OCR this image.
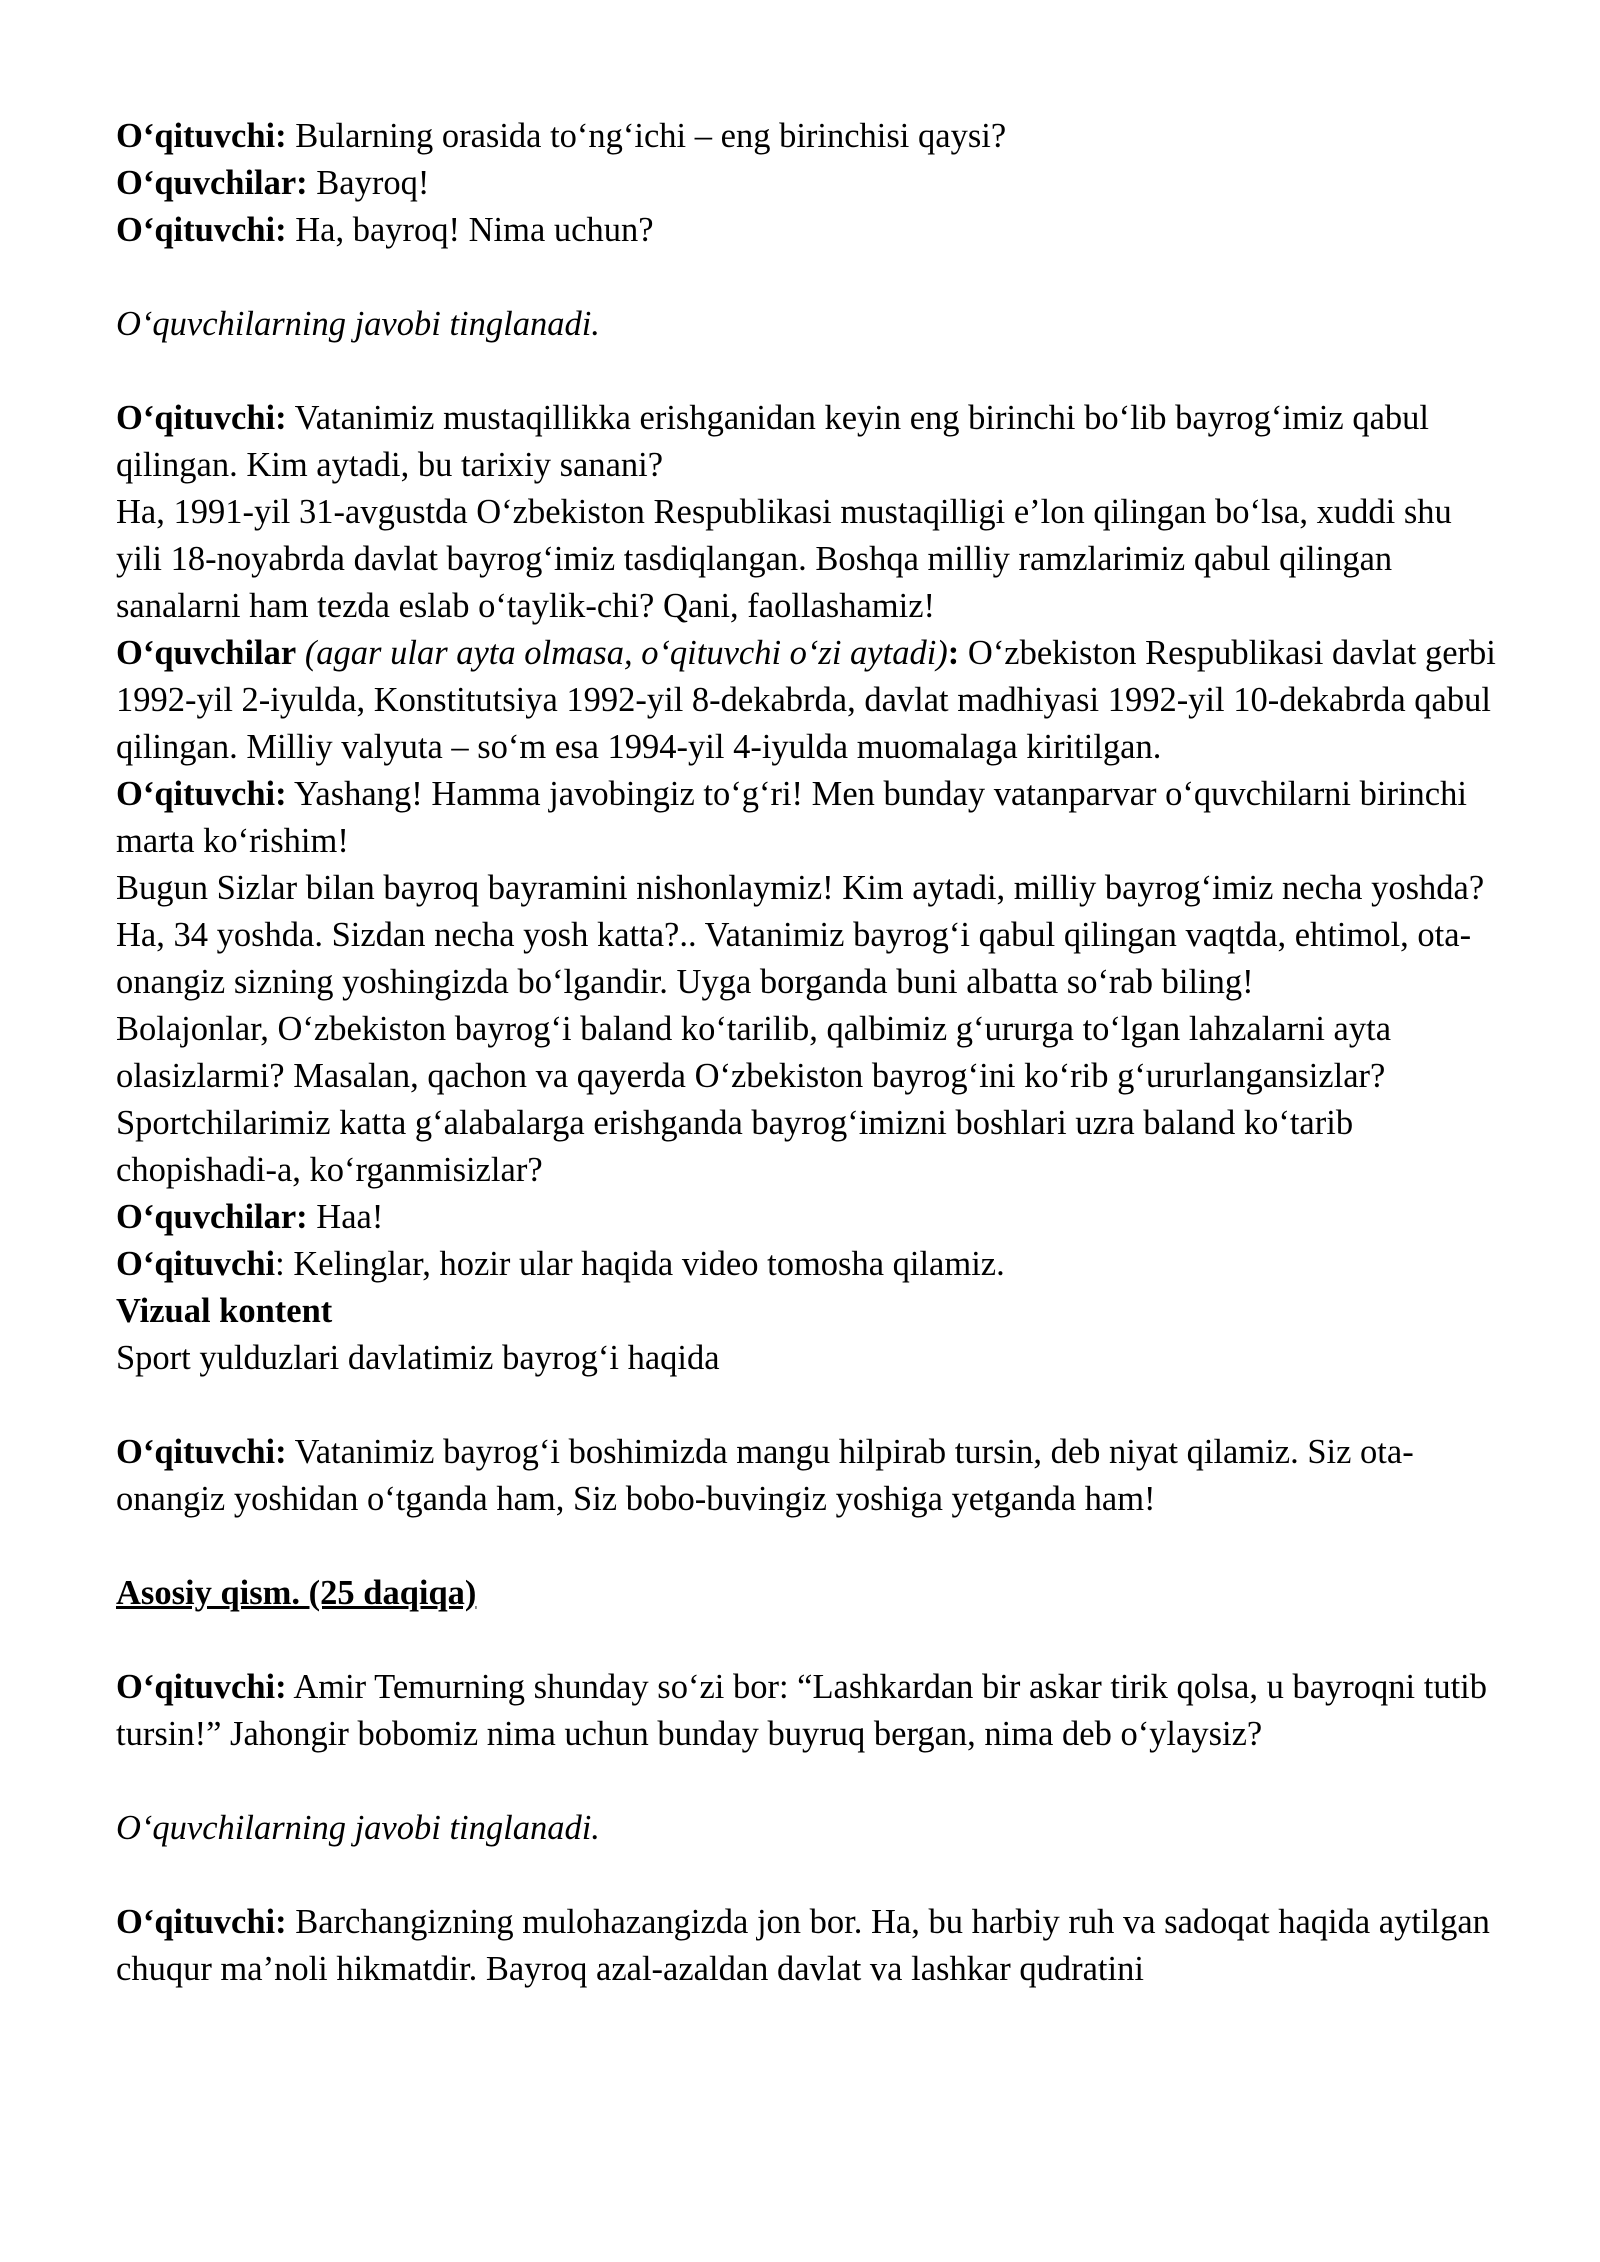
O‘qituvchi: Bularning orasida to‘ng‘ichi – eng birinchisi qaysi?

O‘quvchilar: Bayroq!

O‘qituvchi: Ha, bayroq! Nima uchun?

O‘quvchilarning javobi tinglanadi.

O‘qituvchi: Vatanimiz mustaqillikka erishganidan keyin eng birinchi bo‘lib bayrog‘imiz qabul qilingan. Kim aytadi, bu tarixiy sanani?

Ha, 1991-yil 31-avgustda O‘zbekiston Respublikasi mustaqilligi e’lon qilingan bo‘lsa, xuddi shu yili 18-noyabrda davlat bayrog‘imiz tasdiqlangan. Boshqa milliy ramzlarimiz qabul qilingan sanalarni ham tezda eslab o‘taylik-chi? Qani, faollashamiz!

O‘quvchilar (agar ular ayta olmasa, o‘qituvchi o‘zi aytadi): O‘zbekiston Respublikasi davlat gerbi 1992-yil 2-iyulda, Konstitutsiya 1992-yil 8-dekabrda, davlat madhiyasi 1992-yil 10-dekabrda qabul qilingan. Milliy valyuta – so‘m esa 1994-yil 4-iyulda muomalaga kiritilgan.

O‘qituvchi: Yashang! Hamma javobingiz to‘g‘ri! Men bunday vatanparvar o‘quvchilarni birinchi marta ko‘rishim!

Bugun Sizlar bilan bayroq bayramini nishonlaymiz! Kim aytadi, milliy bayrog‘imiz necha yoshda? Ha, 34 yoshda. Sizdan necha yosh katta?.. Vatanimiz bayrog‘i qabul qilingan vaqtda, ehtimol, ota-onangiz sizning yoshingizda bo‘lgandir. Uyga borganda buni albatta so‘rab biling!

Bolajonlar, O‘zbekiston bayrog‘i baland ko‘tarilib, qalbimiz g‘ururga to‘lgan lahzalarni ayta olasizlarmi? Masalan, qachon va qayerda O‘zbekiston bayrog‘ini ko‘rib g‘ururlangansizlar? Sportchilarimiz katta g‘alabalarga erishganda bayrog‘imizni boshlari uzra baland ko‘tarib chopishadi-a, ko‘rganmisizlar?

O‘quvchilar: Haa!

O‘qituvchi: Kelinglar, hozir ular haqida video tomosha qilamiz.

Vizual kontent

Sport yulduzlari davlatimiz bayrog‘i haqida

O‘qituvchi: Vatanimiz bayrog‘i boshimizda mangu hilpirab tursin, deb niyat qilamiz. Siz ota-onangiz yoshidan o‘tganda ham, Siz bobo-buvingiz yoshiga yetganda ham!

Asosiy qism. (25 daqiqa)

O‘qituvchi: Amir Temurning shunday so‘zi bor: “Lashkardan bir askar tirik qolsa, u bayroqni tutib tursin!” Jahongir bobomiz nima uchun bunday buyruq bergan, nima deb o‘ylaysiz?

O‘quvchilarning javobi tinglanadi.

O‘qituvchi: Barchangizning mulohazangizda jon bor. Ha, bu harbiy ruh va sadoqat haqida aytilgan chuqur ma’noli hikmatdir. Bayroq azal-azaldan davlat va lashkar qudratini
